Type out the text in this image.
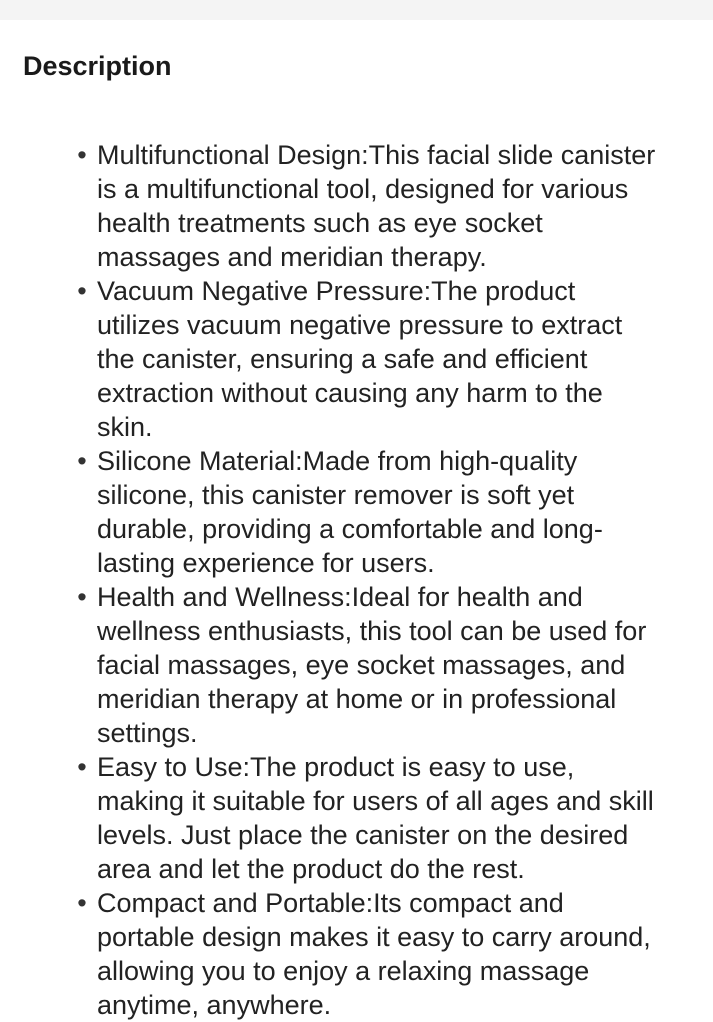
Description
• Multifunctional Design:This facial slide canister is a multifunctional tool, designed for various health treatments such as eye socket massages and meridian therapy.
• Vacuum Negative Pressure:The product utilizes vacuum negative pressure to extract the canister, ensuring a safe and efficient extraction without causing any harm to the skin.
• Silicone Material:Made from high-quality silicone, this canister remover is soft yet durable, providing a comfortable and long-lasting experience for users.
• Health and Wellness:Ideal for health and wellness enthusiasts, this tool can be used for facial massages, eye socket massages, and meridian therapy at home or in professional settings.
• Easy to Use:The product is easy to use, making it suitable for users of all ages and skill levels. Just place the canister on the desired area and let the product do the rest.
• Compact and Portable:Its compact and portable design makes it easy to carry around, allowing you to enjoy a relaxing massage anytime, anywhere.
